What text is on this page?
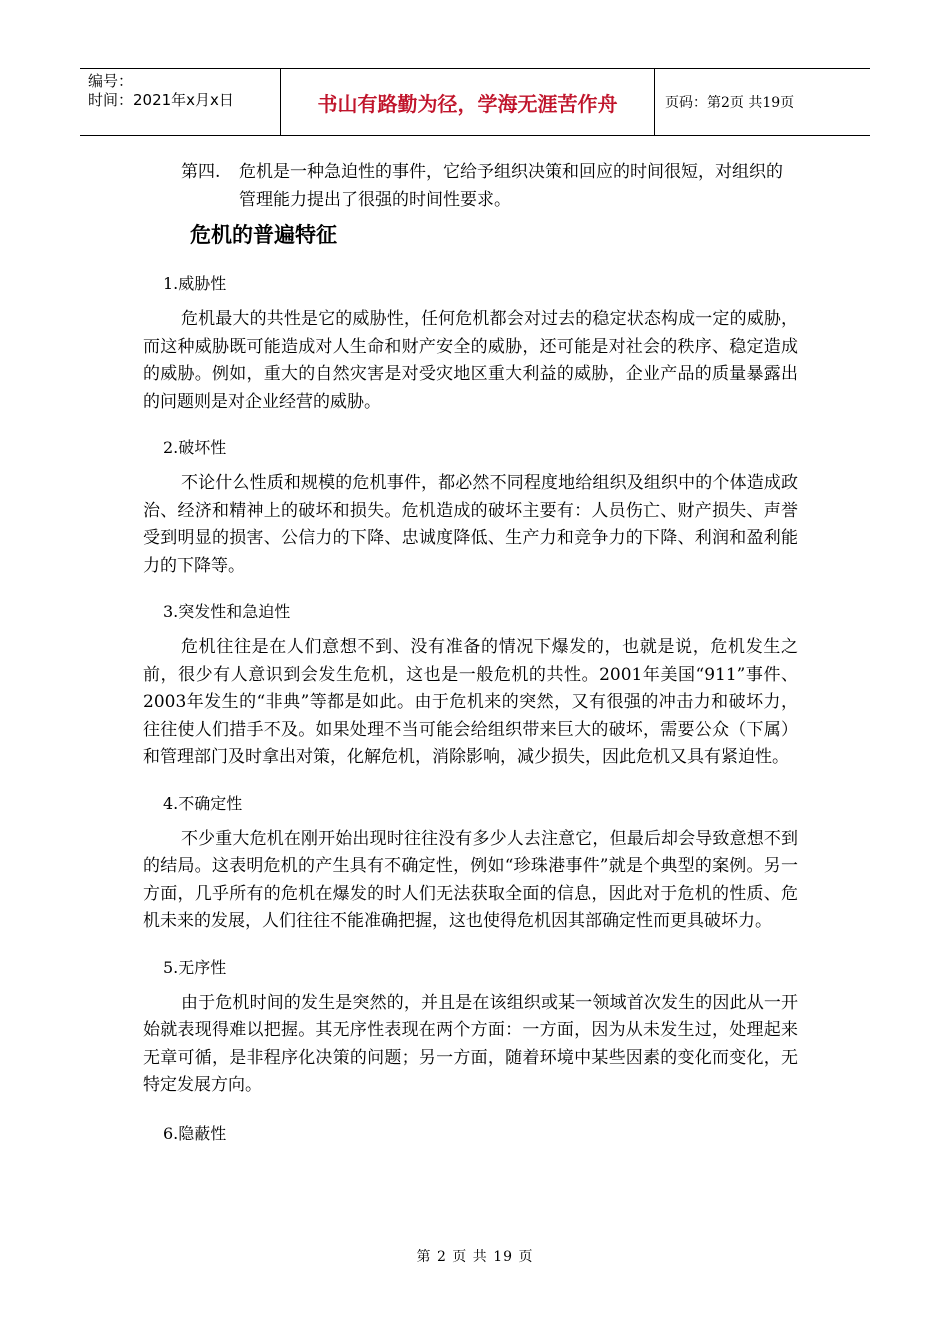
编号：
时间：2021年x月x日	书山有路勤为径，学海无涯苦作舟	页码：第2页 共19页
第四.	危机是一种急迫性的事件，它给予组织决策和回应的时间很短，对组织的管理能力提出了很强的时间性要求。
危机的普遍特征
1.威胁性
危机最大的共性是它的威胁性，任何危机都会对过去的稳定状态构成一定的威胁，而这种威胁既可能造成对人生命和财产安全的威胁，还可能是对社会的秩序、稳定造成的威胁。例如，重大的自然灾害是对受灾地区重大利益的威胁，企业产品的质量暴露出的问题则是对企业经营的威胁。
2.破坏性
不论什么性质和规模的危机事件，都必然不同程度地给组织及组织中的个体造成政治、经济和精神上的破坏和损失。危机造成的破坏主要有：人员伤亡、财产损失、声誉受到明显的损害、公信力的下降、忠诚度降低、生产力和竞争力的下降、利润和盈利能力的下降等。
3.突发性和急迫性
危机往往是在人们意想不到、没有准备的情况下爆发的，也就是说，危机发生之前，很少有人意识到会发生危机，这也是一般危机的共性。2001年美国“911”事件、2003年发生的“非典”等都是如此。由于危机来的突然，又有很强的冲击力和破坏力，往往使人们措手不及。如果处理不当可能会给组织带来巨大的破坏，需要公众（下属）和管理部门及时拿出对策，化解危机，消除影响，减少损失，因此危机又具有紧迫性。
4.不确定性
不少重大危机在刚开始出现时往往没有多少人去注意它，但最后却会导致意想不到的结局。这表明危机的产生具有不确定性，例如“珍珠港事件”就是个典型的案例。另一方面，几乎所有的危机在爆发的时人们无法获取全面的信息，因此对于危机的性质、危机未来的发展，人们往往不能准确把握，这也使得危机因其部确定性而更具破坏力。
5.无序性
由于危机时间的发生是突然的，并且是在该组织或某一领域首次发生的因此从一开始就表现得难以把握。其无序性表现在两个方面：一方面，因为从未发生过，处理起来无章可循，是非程序化决策的问题；另一方面，随着环境中某些因素的变化而变化，无特定发展方向。
6.隐蔽性
第 2 页 共 19 页
